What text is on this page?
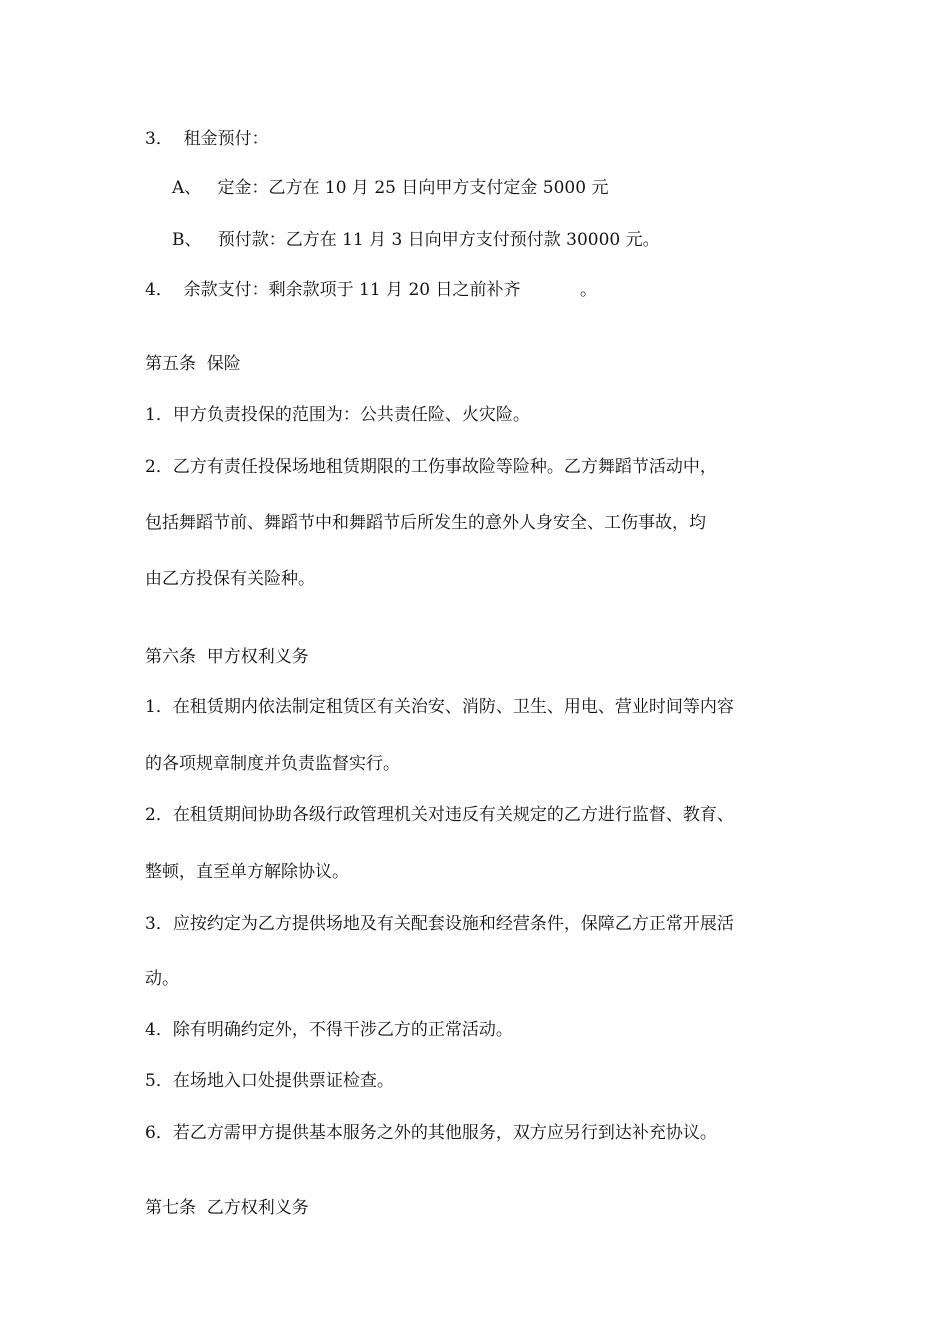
3．  租金预付：
A、   定金：乙方在 10 月 25 日向甲方支付定金 5000 元
B、   预付款：乙方在 11 月 3 日向甲方支付预付款 30000 元。
4．  余款支付：剩余款项于 11 月 20 日之前补齐           。
第五条  保险
1．甲方负责投保的范围为：公共责任险、火灾险。
2．乙方有责任投保场地租赁期限的工伤事故险等险种。乙方舞蹈节活动中，
包括舞蹈节前、舞蹈节中和舞蹈节后所发生的意外人身安全、工伤事故，均
由乙方投保有关险种。
第六条  甲方权利义务
1．在租赁期内依法制定租赁区有关治安、消防、卫生、用电、营业时间等内容
的各项规章制度并负责监督实行。
2．在租赁期间协助各级行政管理机关对违反有关规定的乙方进行监督、教育、
整顿，直至单方解除协议。
3．应按约定为乙方提供场地及有关配套设施和经营条件，保障乙方正常开展活
动。
4．除有明确约定外，不得干涉乙方的正常活动。
5．在场地入口处提供票证检查。
6．若乙方需甲方提供基本服务之外的其他服务，双方应另行到达补充协议。
第七条  乙方权利义务
